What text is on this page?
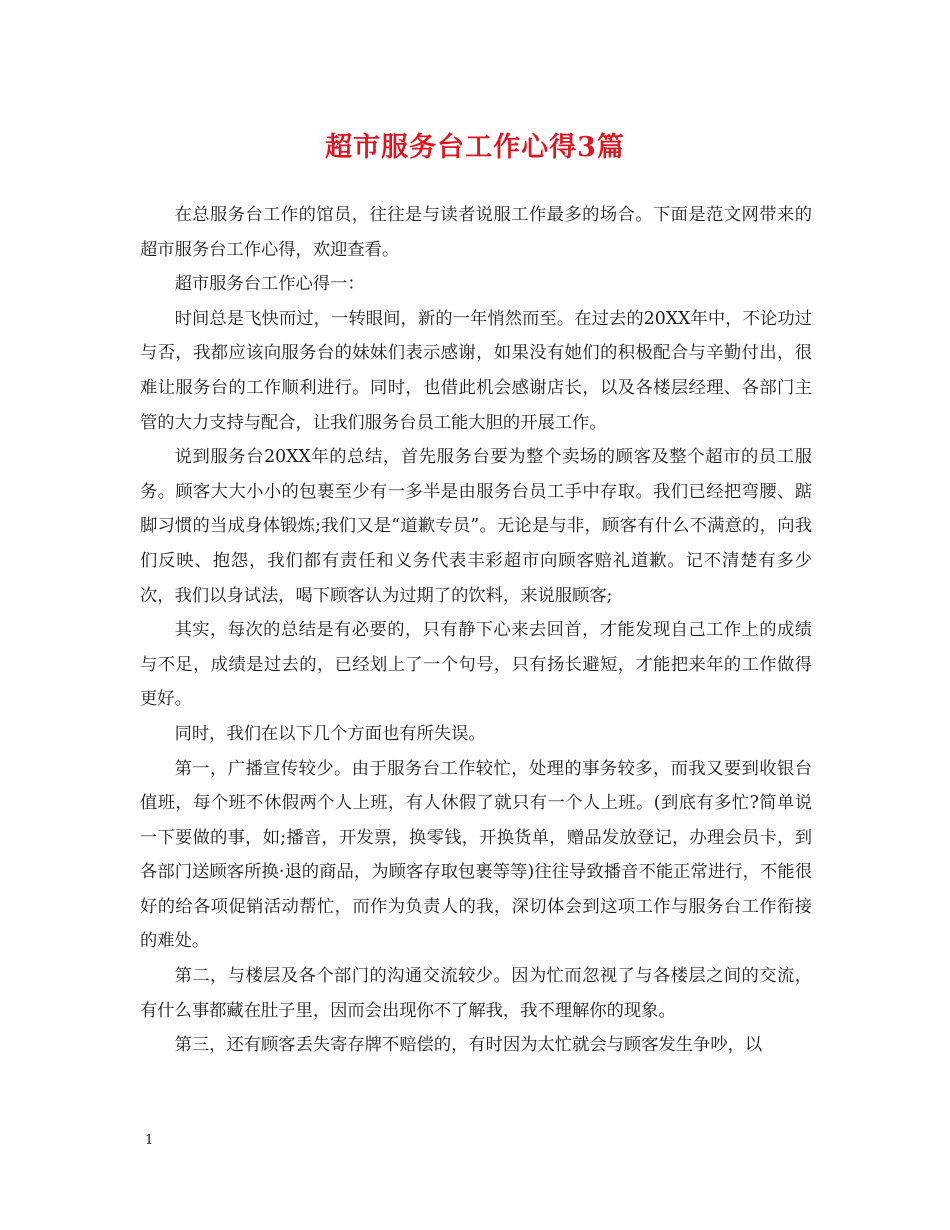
超市服务台工作心得3篇

在总服务台工作的馆员，往往是与读者说服工作最多的场合。下面是范文网带来的超市服务台工作心得，欢迎查看。

超市服务台工作心得一：

时间总是飞快而过，一转眼间，新的一年悄然而至。在过去的20XX年中，不论功过与否，我都应该向服务台的妹妹们表示感谢，如果没有她们的积极配合与辛勤付出，很难让服务台的工作顺利进行。同时，也借此机会感谢店长，以及各楼层经理、各部门主管的大力支持与配合，让我们服务台员工能大胆的开展工作。

说到服务台20XX年的总结，首先服务台要为整个卖场的顾客及整个超市的员工服务。顾客大大小小的包裹至少有一多半是由服务台员工手中存取。我们已经把弯腰、踮脚习惯的当成身体锻炼;我们又是“道歉专员”。无论是与非，顾客有什么不满意的，向我们反映、抱怨，我们都有责任和义务代表丰彩超市向顾客赔礼道歉。记不清楚有多少次，我们以身试法，喝下顾客认为过期了的饮料，来说服顾客;

其实，每次的总结是有必要的，只有静下心来去回首，才能发现自己工作上的成绩与不足，成绩是过去的，已经划上了一个句号，只有扬长避短，才能把来年的工作做得更好。

同时，我们在以下几个方面也有所失误。

第一，广播宣传较少。由于服务台工作较忙，处理的事务较多，而我又要到收银台值班，每个班不休假两个人上班，有人休假了就只有一个人上班。(到底有多忙?简单说一下要做的事，如;播音，开发票，换零钱，开换货单，赠品发放登记，办理会员卡，到各部门送顾客所换·退的商品，为顾客存取包裹等等)往往导致播音不能正常进行，不能很好的给各项促销活动帮忙，而作为负责人的我，深切体会到这项工作与服务台工作衔接的难处。

第二，与楼层及各个部门的沟通交流较少。因为忙而忽视了与各楼层之间的交流，有什么事都藏在肚子里，因而会出现你不了解我，我不理解你的现象。

第三，还有顾客丢失寄存牌不赔偿的，有时因为太忙就会与顾客发生争吵，以

1
